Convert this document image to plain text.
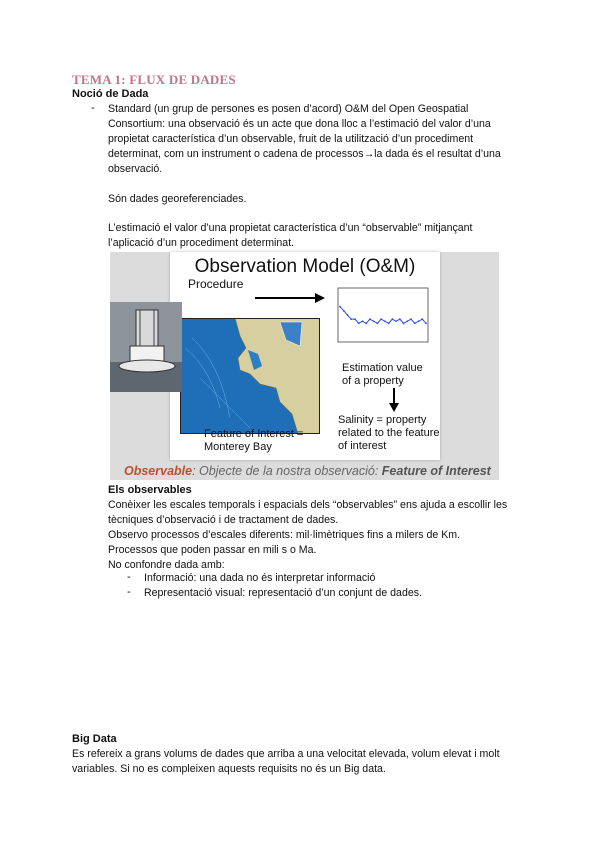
TEMA 1: FLUX DE DADES
Noció de Dada
- Standard (un grup de persones es posen d’acord) O&M del Open Geospatial
Consortium: una observació és un acte que dona lloc a l’estimació del valor d’una
propietat característica d’un observable, fruit de la utilització d’un procediment
determinat, com un instrument o cadena de processos→la dada és el resultat d’una
observació.
Són dades georeferenciades.
L’estimació el valor d’una propietat característica d’un “observable” mitjançant
l’aplicació d’un procediment determinat.
Observation Model (O&M)
Procedure
Estimation value
of a property
Salinity = property
related to the feature
of interest
Feature of Interest =
Monterey Bay
Observable: Objecte de la nostra observació: Feature of Interest
Els observables
Conèixer les escales temporals i espacials dels “observables” ens ajuda a escollir les
tècniques d’observació i de tractament de dades.
Observo processos d’escales diferents: mil·limètriques fins a milers de Km.
Processos que poden passar en mili s o Ma.
No confondre dada amb:
- Informació: una dada no és interpretar informació
- Representació visual: representació d’un conjunt de dades.
Big Data
Es refereix a grans volums de dades que arriba a una velocitat elevada, volum elevat i molt
variables. Si no es compleixen aquests requisits no és un Big data.
